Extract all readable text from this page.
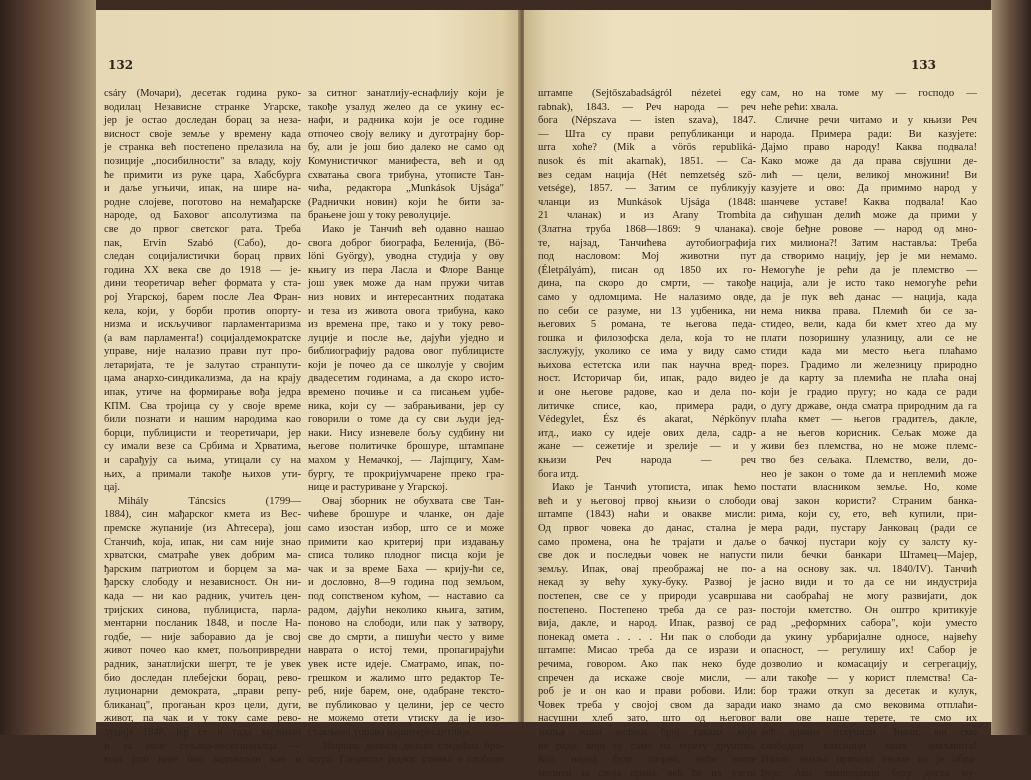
132
csáry (Мочари), десетак година руко-
водилац Независне странке Угарске,
јер је остао доследан борац за неза-
висност своје земље у времену када
је странка већ постепено прелазила на
позиције „посибилности" за владу, коју
ће примити из руке цара, Хабсбурга
и даље угњичи, ипак, на шире на-
родне слојеве, поготово на немађарске
народе, од Баховог апсолутизма па
све до првог светског рата. Треба
пак, Ervin Szabó (Сабо), до-
следан социјалистички борац првих
година XX века све до 1918 — је-
дини теоретичар већег формата у ста-
рој Угарској, барем после Леа Фран-
кела, који, у борби против опорту-
низма и искључивог парламентаризма
(а вам парламента!) социјалдемократске
управе, није налазио прави пут про-
летаријата, те је залутао странпути-
цама анархо-синдикализма, да на крају
ипак, утиче на формирање вођа једра
КПМ. Сва тројица су у своје време
били познати и нашим народима као
борци, публицисти и теоретичари, јер
су имали везе са Србима и Хрватима,
и сарађују са њима, утицали су на
њих, а примали такође њихов ути-
цај.
Mihály Táncsics (1799—
1884), син мађарског кмета из Вес-
премске жупаније (из Аћтесера), још
Станчић, која, ипак, ни сам није знао
хрватски, сматраће увек добрим ма-
ђарским патриотом и борцем за ма-
ђарску слободу и независност. Он ни-
када — ни као радник, учитељ цен-
тријских синова, публициста, парла-
ментарни посланик 1848, и после На-
годбе, — није заборавио да је свој
живот почео као кмет, пољопривредни
радник, занатлијски шегрт, те је увек
био доследан плебејски борац, рево-
луционарни демократа, „прави репу-
бликанац", прогањан кроз цели, дуги,
живот, па чак и у току саме рево-
луције 1848, јер се и тада заузимао
и за оног сељака-несесионалца —
који још није био задовољан као и
за ситног занатлију-еснафлију који је
такође узалуд желео да се укину ес-
нафи, и радника који је осе године
отпочео своју велику и дуготрајну бор-
бу, али је још био далеко не само од
Комунистичког манифеста, већ и од
схватања свога трибуна, утописте Тан-
чића, редактора „Munkások Ujsága"
(Раднички новин) који ће бити за-
брањене још у току револуције.
Иако је Танчић већ одавно нашао
свога доброг биографа, Беленија, (Bö-
löni György), уводна студија у ову
књигу из пера Ласла и Флоре Ванце
још увек може да нам пружи читав
низ нових и интересантних података
и теза из живота овога трибуна, како
из времена пре, тако и у току рево-
луције и после ње, дајући уједно и
библиографију радова овог публицисте
који је почео да се школује у својим
двадесетим годинама, а да скоро исто-
времено почиње и са писањем уџбе-
ника, који су — забрањивани, јер су
говорили о томе да су сви људи јед-
наки. Нису изневеле бољу судбину ни
његове политичке брошуре, штампане
махом у Немачкој, — Лајпцигу, Хам-
бургу, те прокријумчарене преко гра-
нице и растуриване у Угарској.
Овај зборник не обухвата све Тан-
чићеве брошуре и чланке, он даје
само изостан избор, што се и може
примити као критериј при издавању
списа толико плодног писца који је
чак и за време Баха — крију-ћи се,
и дословно, 8—9 година под земљом,
под сопственом кућом, — наставио са
радом, дајући неколико књига, затим,
поново на слободи, или пак у затвору,
све до смрти, а пишући често у виме
навратa о истој теми, пропагирајући
увек исте идеје. Сматрамо, ипак, по-
грешком и жалимо што редактор Те-
реб, није барем, оне, одабране тексто-
ве публиковао у целини, јер се често
не можемо отети утиску да је изо-
стављено управо најинтересантније.
Зборник доноси делове следећих бро-
шура: Гледиште једног узника о слободи
133
штампе (Sejtőszabadságról nézetei egy
rabnak), 1843. — Реч народа — реч
бога (Népszava — isten szava), 1847.
— Шта су прави републиканци и
шта хоће? (Mik a vörös republiká-
nusok és mit akarnak), 1851. — Са-
вез седам нација (Hét nemzetség szö-
vetsége), 1857. — Затим се публикују
чланци из Munkások Ujsága (1848:
21 чланак) и из Arany Trombita
(Златна труба 1868—1869: 9 чланака).
те, најзад, Танчићева аутобиографија
под насловом: Мој животни пут
(Életpályám), писан од 1850 их го-
дина, па скоро до смрти, — такође
само у одломцима. Не налазимо овде,
по себи се разуме, ни 13 уџбеника, ни
његових 5 романа, те његова педа-
гошка и филозофска дела, која то не
заслужују, уколико се има у виду само
њихова естетска или пак научна вред-
ност. Историчар би, ипак, радо видео
и оне његове радове, као и дела по-
литичке списе, као, примера ради,
Védegylet, Ész és akarat, Népkönyv
итд., иако су идеје ових дела, садр-
жане — сежетије и зрелије — и у
књизи Реч народа — реч
бога итд.
Иако је Танчић утописта, ипак ћемо
већ и у његовој првој књизи о слободи
штампе (1843) наћи и овакве мисли:
Од првог човека до данас, стална је
само промена, она ће трајати и даље
све док и последњи човек не напусти
земљу. Ипак, овај преображај не по-
некад зу већу хуку-буку. Развој је
постепен, све се у природи усавршава
постепено. Постепено треба да се раз-
вија, дакле, и народ. Ипак, развој се
понекад омета . . . . Ни пак о слободи
штампе: Мисао треба да се изрази и
речима, говором. Ако пак неко буде
спречен да искаже своје мисли, —
роб је и он као и прави робови. Или:
Човек треба у својој свом да заради
насушни хлеб зато, што од његовог
знања живи велики број таквих који
не раде, који су само на терету друштва.
Кад народ буде сазрео, неће више
молити за своја права, већ ће их узети
сам, но на томе му — господо —
неће рећи: хвала.
Сличне речи читамо и у књизи Реч
народа. Примера ради: Ви казујете:
Дајмо право народу! Каква подвала!
Како може да да права свјушни де-
лић — цели, великој множини! Ви
казујете и ово: Да примимо народ у
шанчеве уставе! Каква подвала! Као
да сиђушан делић може да прими у
своје беђне ровове — народ од мно-
гих милиона?! Затим наставља: Треба
да створимо нацију, јер је ми немамо.
Немогуће је рећи да је племство —
нација, али је исто тако немогуће рећи
да је пук већ данас — нација, када
нема никва права. Племић би се за-
стидео, вели, када би кмет хтео да му
плати позоришну улазницу, али се не
стиди када ми место њега плаћамо
порез. Градимо ли железницу природно
је да карту за племића не плаћа онај
који је градио пругу; но када се ради
о дугу државе, онда сматра природним да га
плаћа кмет — његов градитељ, дакле,
а не његов корисник. Сељак може да
живи без племства, но не може племс-
тво без сељака. Племство, вели, до-
нео је закон о томе да и неплемић може
постати власником земље. Но, коме
овај закон користи? Страним банка-
рима, који су, ето, већ купили, при-
мера ради, пустару Јанковац (ради се
о бачкој пустари коју су залсту ку-
пили бечки банкари Штамец—Мајер,
а на основу зак. чл. 1840/IV). Танчић
јасно види и то да се ни индустрија
ни саобраћај не могу развијати, док
постоји кметство. Он оштро критикује
рад „реформних сабора", који уместо
да укину урбаријалне односе, највећу
опасност, — регулишу их! Сабор је
дозволио и комасацију и сегрегацију,
али такође — у корист племства! Са-
бор тражи откуп за десетак и кулук,
иако знамо да смо вековима отплаћи-
вали ове наше терете, те смо их
већ одавна откупили. Значи: ми смо
слободни власници ових земљишта!
Изачи: земља припада ономе ко је обра-
ђује. Ако законодавци буду доста му-
